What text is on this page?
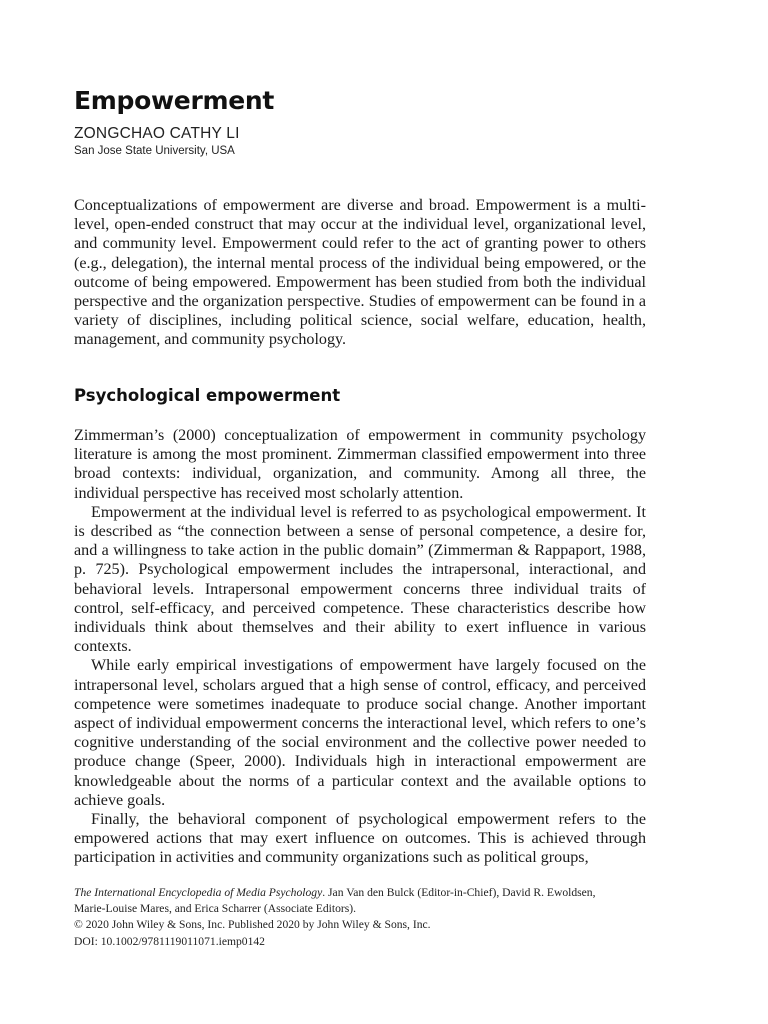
Empowerment
ZONGCHAO CATHY LI
San Jose State University, USA

Conceptualizations of empowerment are diverse and broad. Empowerment is a multi-level, open-ended construct that may occur at the individual level, organizational level, and community level. Empowerment could refer to the act of granting power to others (e.g., delegation), the internal mental process of the individual being empowered, or the outcome of being empowered. Empowerment has been studied from both the individual perspective and the organization perspective. Studies of empowerment can be found in a variety of disciplines, including political science, social welfare, education, health, management, and community psychology.

Psychological empowerment

Zimmerman’s (2000) conceptualization of empowerment in community psychology literature is among the most prominent. Zimmerman classified empowerment into three broad contexts: individual, organization, and community. Among all three, the individual perspective has received most scholarly attention.

Empowerment at the individual level is referred to as psychological empowerment. It is described as “the connection between a sense of personal competence, a desire for, and a willingness to take action in the public domain” (Zimmerman & Rappaport, 1988, p. 725). Psychological empowerment includes the intrapersonal, interactional, and behavioral levels. Intrapersonal empowerment concerns three individual traits of control, self-efficacy, and perceived competence. These characteristics describe how individuals think about themselves and their ability to exert influence in various contexts.

While early empirical investigations of empowerment have largely focused on the intrapersonal level, scholars argued that a high sense of control, efficacy, and perceived competence were sometimes inadequate to produce social change. Another important aspect of individual empowerment concerns the interactional level, which refers to one’s cognitive understanding of the social environment and the collective power needed to produce change (Speer, 2000). Individuals high in interactional empowerment are knowledgeable about the norms of a particular context and the available options to achieve goals.

Finally, the behavioral component of psychological empowerment refers to the empowered actions that may exert influence on outcomes. This is achieved through participation in activities and community organizations such as political groups,

The International Encyclopedia of Media Psychology. Jan Van den Bulck (Editor-in-Chief), David R. Ewoldsen,
Marie-Louise Mares, and Erica Scharrer (Associate Editors).
© 2020 John Wiley & Sons, Inc. Published 2020 by John Wiley & Sons, Inc.
DOI: 10.1002/9781119011071.iemp0142
